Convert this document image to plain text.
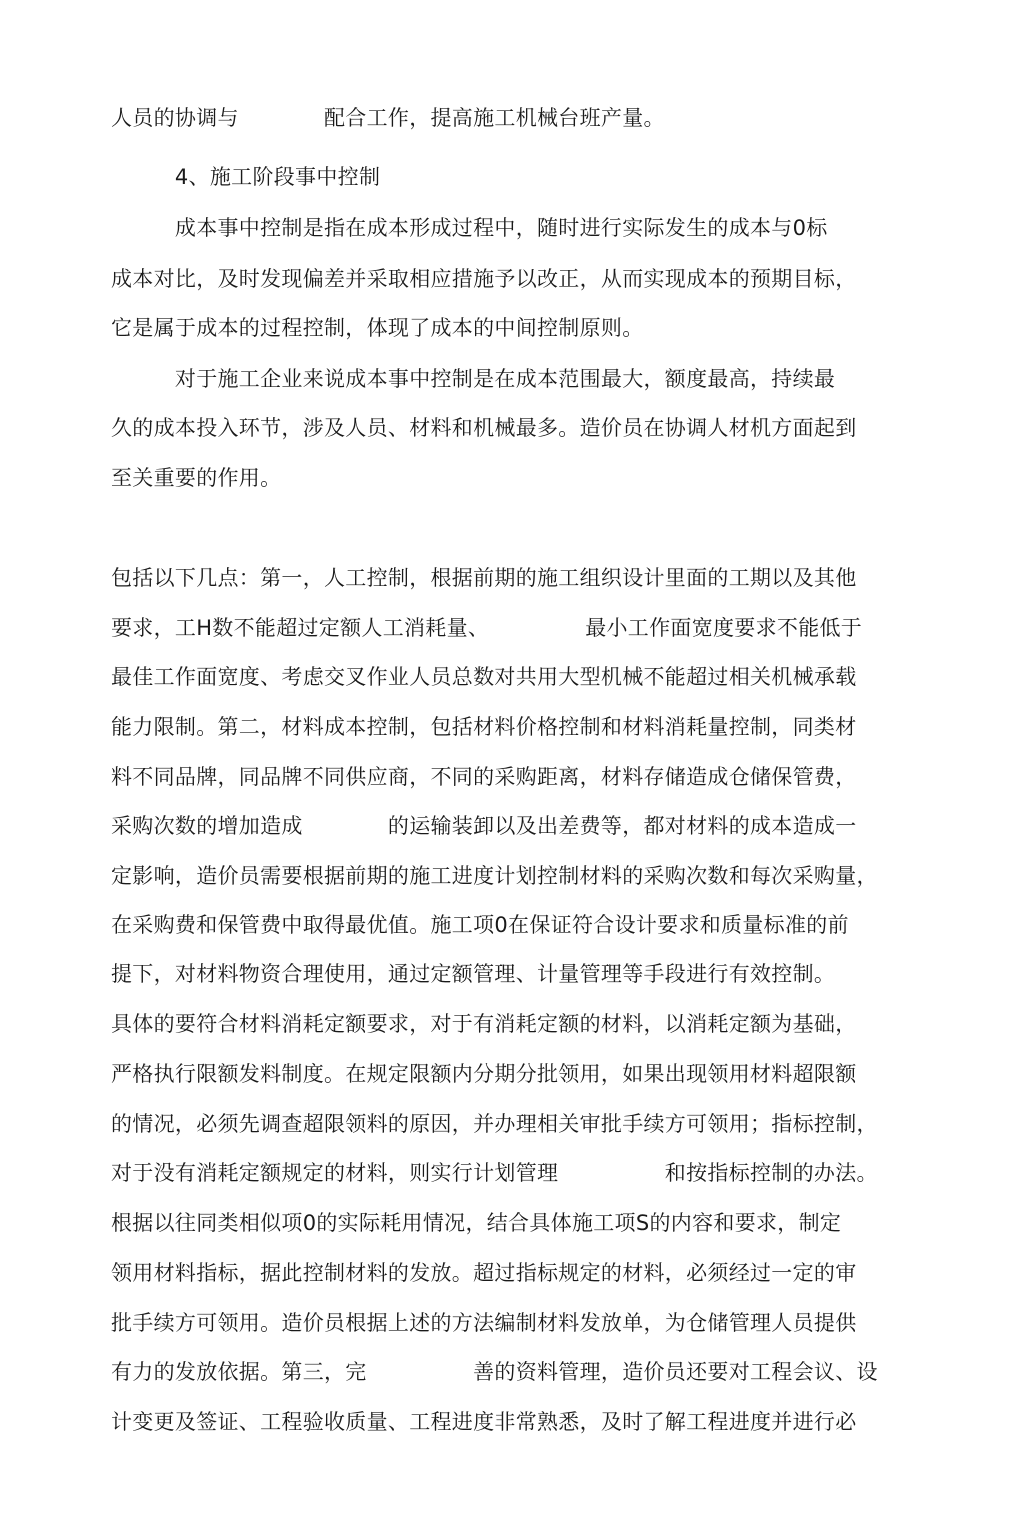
人员的协调与　　　　配合工作，提高施工机械台班产量。
　　　4、施工阶段事中控制
　　　成本事中控制是指在成本形成过程中，随时进行实际发生的成本与0标
成本对比，及时发现偏差并采取相应措施予以改正，从而实现成本的预期目标，
它是属于成本的过程控制，体现了成本的中间控制原则。
　　　对于施工企业来说成本事中控制是在成本范围最大，额度最高，持续最
久的成本投入环节，涉及人员、材料和机械最多。造价员在协调人材机方面起到
至关重要的作用。
包括以下几点：第一，人工控制，根据前期的施工组织设计里面的工期以及其他
要求，工H数不能超过定额人工消耗量、　　　　　最小工作面宽度要求不能低于
最佳工作面宽度、考虑交叉作业人员总数对共用大型机械不能超过相关机械承载
能力限制。第二，材料成本控制，包括材料价格控制和材料消耗量控制，同类材
料不同品牌，同品牌不同供应商，不同的采购距离，材料存储造成仓储保管费，
采购次数的增加造成　　　　的运输装卸以及出差费等，都对材料的成本造成一
定影响，造价员需要根据前期的施工进度计划控制材料的采购次数和每次采购量，
在采购费和保管费中取得最优值。施工项0在保证符合设计要求和质量标准的前
提下，对材料物资合理使用，通过定额管理、计量管理等手段进行有效控制。
具体的要符合材料消耗定额要求，对于有消耗定额的材料，以消耗定额为基础，
严格执行限额发料制度。在规定限额内分期分批领用，如果出现领用材料超限额
的情况，必须先调查超限领料的原因，并办理相关审批手续方可领用；指标控制，
对于没有消耗定额规定的材料，则实行计划管理　　　　　和按指标控制的办法。
根据以往同类相似项0的实际耗用情况，结合具体施工项S的内容和要求，制定
领用材料指标，据此控制材料的发放。超过指标规定的材料，必须经过一定的审
批手续方可领用。造价员根据上述的方法编制材料发放单，为仓储管理人员提供
有力的发放依据。第三，完　　　　　善的资料管理，造价员还要对工程会议、设
计变更及签证、工程验收质量、工程进度非常熟悉，及时了解工程进度并进行必
